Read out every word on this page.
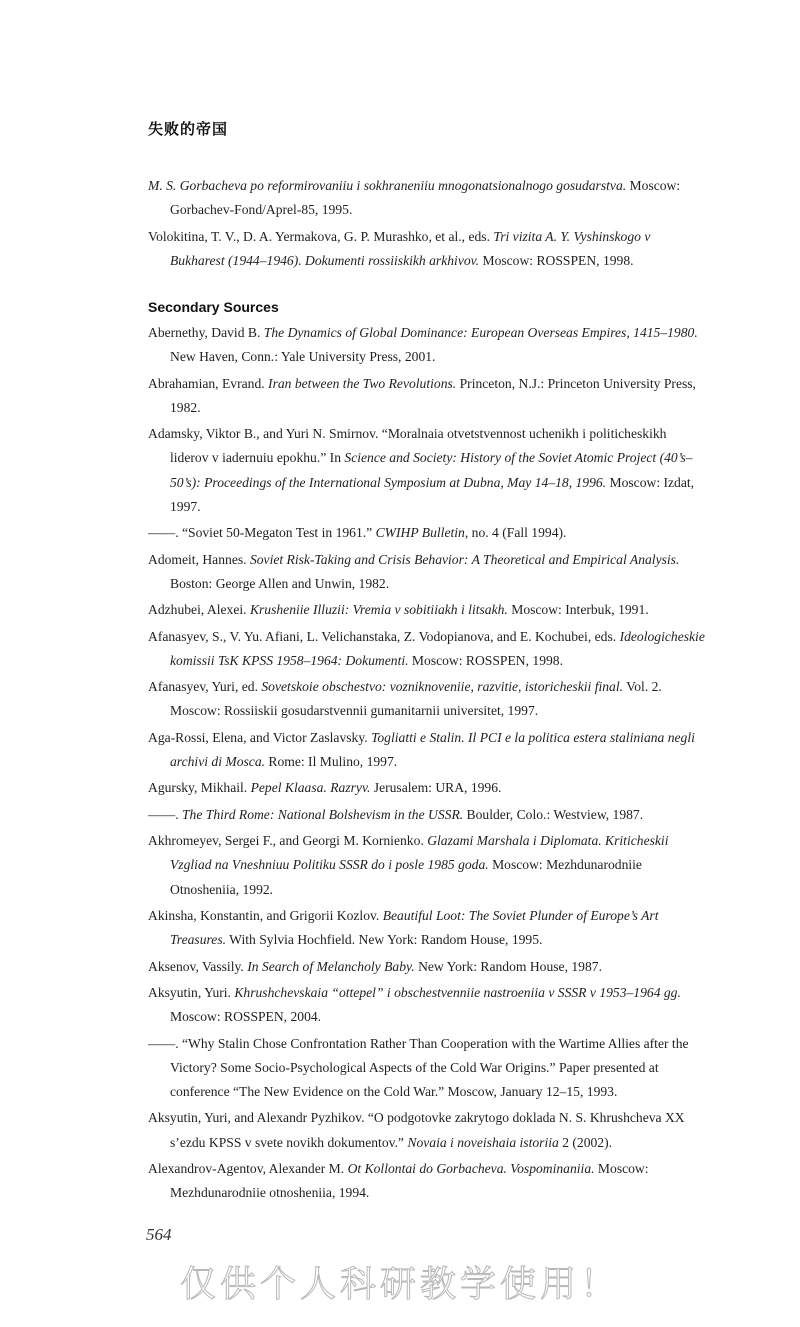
失败的帝国
M. S. Gorbacheva po reformirovaniiu i sokhraneniiu mnogonatsionalnogo gosudarstva. Moscow: Gorbachev-Fond/Aprel-85, 1995.
Volokitina, T. V., D. A. Yermakova, G. P. Murashko, et al., eds. Tri vizita A. Y. Vyshinskogo v Bukharest (1944–1946). Dokumenti rossiiskikh arkhivov. Moscow: ROSSPEN, 1998.
Secondary Sources
Abernethy, David B. The Dynamics of Global Dominance: European Overseas Empires, 1415–1980. New Haven, Conn.: Yale University Press, 2001.
Abrahamian, Evrand. Iran between the Two Revolutions. Princeton, N.J.: Princeton University Press, 1982.
Adamsky, Viktor B., and Yuri N. Smirnov. “Moralnaia otvetstvennost uchenikh i politicheskikh liderov v iadernuiu epokhu.” In Science and Society: History of the Soviet Atomic Project (40’s–50’s): Proceedings of the International Symposium at Dubna, May 14–18, 1996. Moscow: Izdat, 1997.
——. “Soviet 50-Megaton Test in 1961.” CWIHP Bulletin, no. 4 (Fall 1994).
Adomeit, Hannes. Soviet Risk-Taking and Crisis Behavior: A Theoretical and Empirical Analysis. Boston: George Allen and Unwin, 1982.
Adzhubei, Alexei. Krusheniie Illuzii: Vremia v sobitiiakh i litsakh. Moscow: Interbuk, 1991.
Afanasyev, S., V. Yu. Afiani, L. Velichanstaka, Z. Vodopianova, and E. Kochubei, eds. Ideologicheskie komissii TsK KPSS 1958–1964: Dokumenti. Moscow: ROSSPEN, 1998.
Afanasyev, Yuri, ed. Sovetskoie obschestvo: vozniknoveniie, razvitie, istoricheskii final. Vol. 2. Moscow: Rossiiskii gosudarstvennii gumanitarnii universitet, 1997.
Aga-Rossi, Elena, and Victor Zaslavsky. Togliatti e Stalin. Il PCI e la politica estera staliniana negli archivi di Mosca. Rome: Il Mulino, 1997.
Agursky, Mikhail. Pepel Klaasa. Razryv. Jerusalem: URA, 1996.
——. The Third Rome: National Bolshevism in the USSR. Boulder, Colo.: Westview, 1987.
Akhromeyev, Sergei F., and Georgi M. Kornienko. Glazami Marshala i Diplomata. Kriticheskii Vzgliad na Vneshniuu Politiku SSSR do i posle 1985 goda. Moscow: Mezhdunarodniie Otnosheniia, 1992.
Akinsha, Konstantin, and Grigorii Kozlov. Beautiful Loot: The Soviet Plunder of Europe’s Art Treasures. With Sylvia Hochfield. New York: Random House, 1995.
Aksenov, Vassily. In Search of Melancholy Baby. New York: Random House, 1987.
Aksyutin, Yuri. Khrushchevskaia “ottepel” i obschestvenniie nastroeniia v SSSR v 1953–1964 gg. Moscow: ROSSPEN, 2004.
——. “Why Stalin Chose Confrontation Rather Than Cooperation with the Wartime Allies after the Victory? Some Socio-Psychological Aspects of the Cold War Origins.” Paper presented at conference “The New Evidence on the Cold War.” Moscow, January 12–15, 1993.
Aksyutin, Yuri, and Alexandr Pyzhikov. “O podgotovke zakrytogo doklada N. S. Khrushcheva XX s’ezdu KPSS v svete novikh dokumentov.” Novaia i noveishaia istoriia 2 (2002).
Alexandrov-Agentov, Alexander M. Ot Kollontai do Gorbacheva. Vospominaniia. Moscow: Mezhdunarodniie otnosheniia, 1994.
564
仅供个人科研教学使用！
